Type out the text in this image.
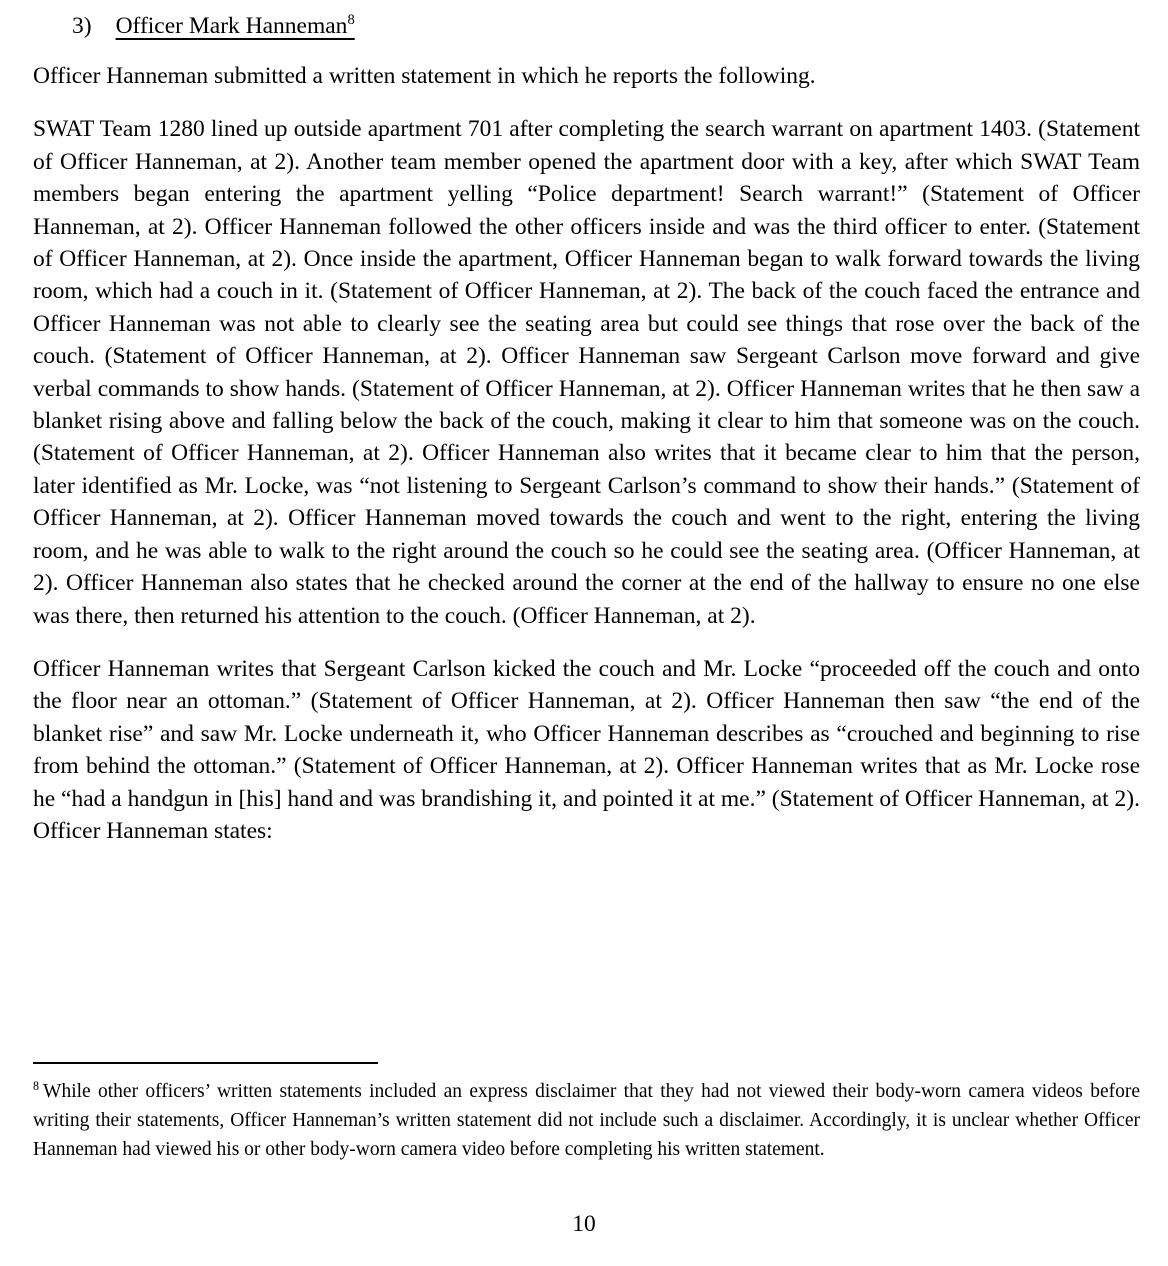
3) Officer Mark Hanneman$^8$

Officer Hanneman submitted a written statement in which he reports the following.

SWAT Team 1280 lined up outside apartment 701 after completing the search warrant on apartment 1403. (Statement of Officer Hanneman, at 2). Another team member opened the apartment door with a key, after which SWAT Team members began entering the apartment yelling “Police department! Search warrant!” (Statement of Officer Hanneman, at 2). Officer Hanneman followed the other officers inside and was the third officer to enter. (Statement of Officer Hanneman, at 2). Once inside the apartment, Officer Hanneman began to walk forward towards the living room, which had a couch in it. (Statement of Officer Hanneman, at 2). The back of the couch faced the entrance and Officer Hanneman was not able to clearly see the seating area but could see things that rose over the back of the couch. (Statement of Officer Hanneman, at 2). Officer Hanneman saw Sergeant Carlson move forward and give verbal commands to show hands. (Statement of Officer Hanneman, at 2). Officer Hanneman writes that he then saw a blanket rising above and falling below the back of the couch, making it clear to him that someone was on the couch. (Statement of Officer Hanneman, at 2). Officer Hanneman also writes that it became clear to him that the person, later identified as Mr. Locke, was “not listening to Sergeant Carlson’s command to show their hands.” (Statement of Officer Hanneman, at 2). Officer Hanneman moved towards the couch and went to the right, entering the living room, and he was able to walk to the right around the couch so he could see the seating area. (Officer Hanneman, at 2). Officer Hanneman also states that he checked around the corner at the end of the hallway to ensure no one else was there, then returned his attention to the couch. (Officer Hanneman, at 2).

Officer Hanneman writes that Sergeant Carlson kicked the couch and Mr. Locke “proceeded off the couch and onto the floor near an ottoman.” (Statement of Officer Hanneman, at 2). Officer Hanneman then saw “the end of the blanket rise” and saw Mr. Locke underneath it, who Officer Hanneman describes as “crouched and beginning to rise from behind the ottoman.” (Statement of Officer Hanneman, at 2). Officer Hanneman writes that as Mr. Locke rose he “had a handgun in [his] hand and was brandishing it, and pointed it at me.” (Statement of Officer Hanneman, at 2). Officer Hanneman states:

$^8$ While other officers’ written statements included an express disclaimer that they had not viewed their body-worn camera videos before writing their statements, Officer Hanneman’s written statement did not include such a disclaimer. Accordingly, it is unclear whether Officer Hanneman had viewed his or other body-worn camera video before completing his written statement.

10
